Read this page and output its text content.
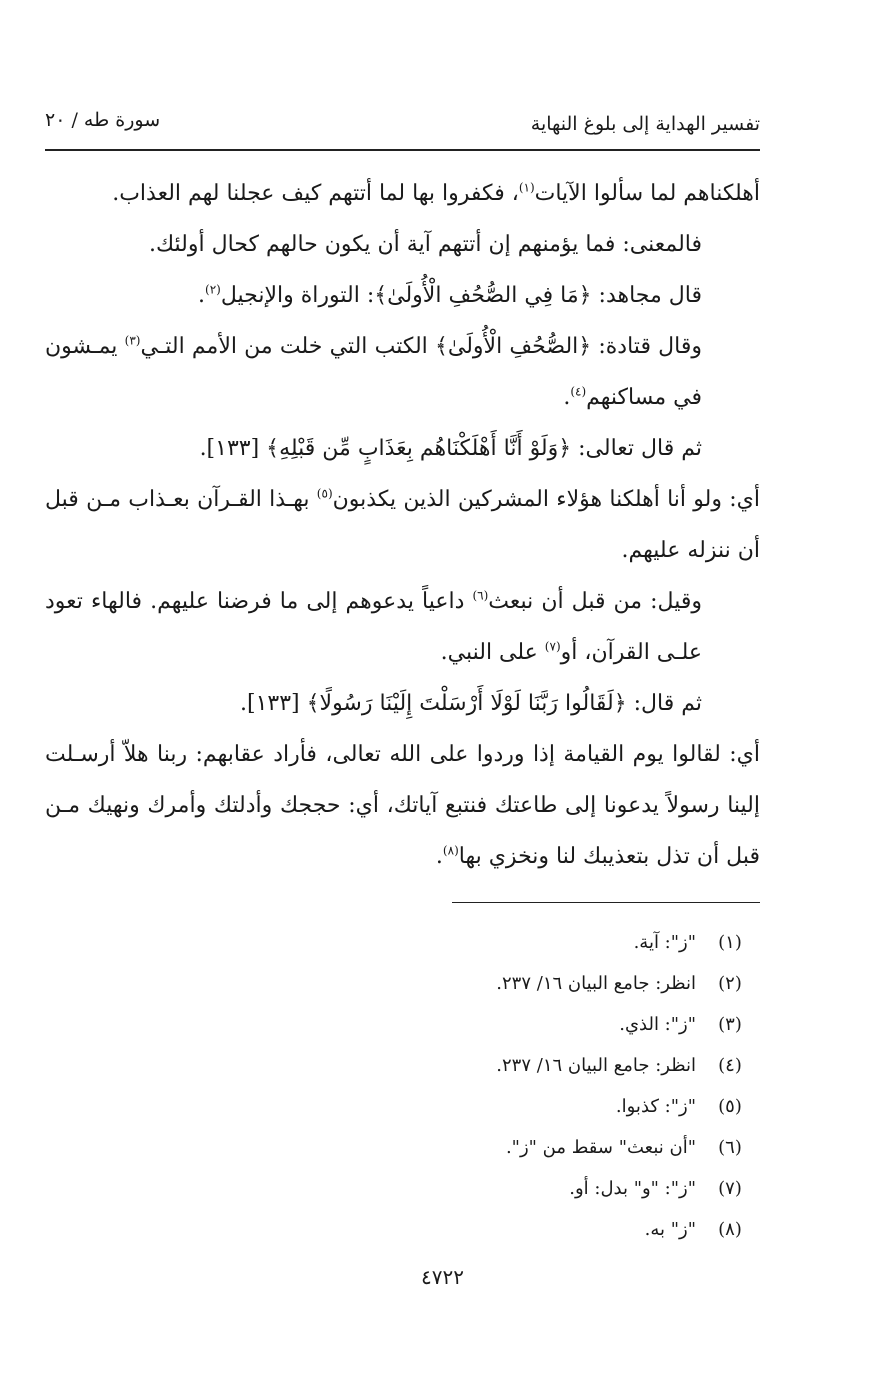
تفسير الهداية إلى بلوغ النهاية
سورة طه / ٢٠

أهلكناهم لما سألوا الآيات$^{(١)}$، فكفروا بها لما أتتهم كيف عجلنا لهم العذاب.

فالمعنى: فما يؤمنهم إن أتتهم آية أن يكون حالهم كحال أولئك.

قال مجاهد: ﴿مَا فِي الصُّحُفِ الْأُولَىٰ﴾: التوراة والإنجيل$^{(٢)}$.

وقال قتادة: ﴿الصُّحُفِ الْأُولَىٰ﴾ الكتب التي خلت من الأمم التـي$^{(٣)}$ يمـشون في مساكنهم$^{(٤)}$.

ثم قال تعالى: ﴿وَلَوْ أَنَّا أَهْلَكْنَاهُم بِعَذَابٍ مِّن قَبْلِهِ﴾ [١٣٣].

أي: ولو أنا أهلكنا هؤلاء المشركين الذين يكذبون$^{(٥)}$ بهـذا القـرآن بعـذاب مـن قبل أن ننزله عليهم.

وقيل: من قبل أن نبعث$^{(٦)}$ داعياً يدعوهم إلى ما فرضنا عليهم. فالهاء تعود علـى القرآن، أو$^{(٧)}$ على النبي.

ثم قال: ﴿لَقَالُوا رَبَّنَا لَوْلَا أَرْسَلْتَ إِلَيْنَا رَسُولًا﴾ [١٣٣].

أي: لقالوا يوم القيامة إذا وردوا على الله تعالى، فأراد عقابهم: ربنا هلاّ أرسـلت إلينا رسولاً يدعونا إلى طاعتك فنتبع آياتك، أي: حججك وأدلتك وأمرك ونهيك مـن قبل أن تذل بتعذيبك لنا ونخزي بها$^{(٨)}$.

(١)"ز": آية.
(٢)انظر: جامع البيان ١٦/ ٢٣٧.
(٣)"ز": الذي.
(٤)انظر: جامع البيان ١٦/ ٢٣٧.
(٥)"ز": كذبوا.
(٦)"أن نبعث" سقط من "ز".
(٧)"ز": "و" بدل: أو.
(٨)"ز" به.
٤٧٢٢
